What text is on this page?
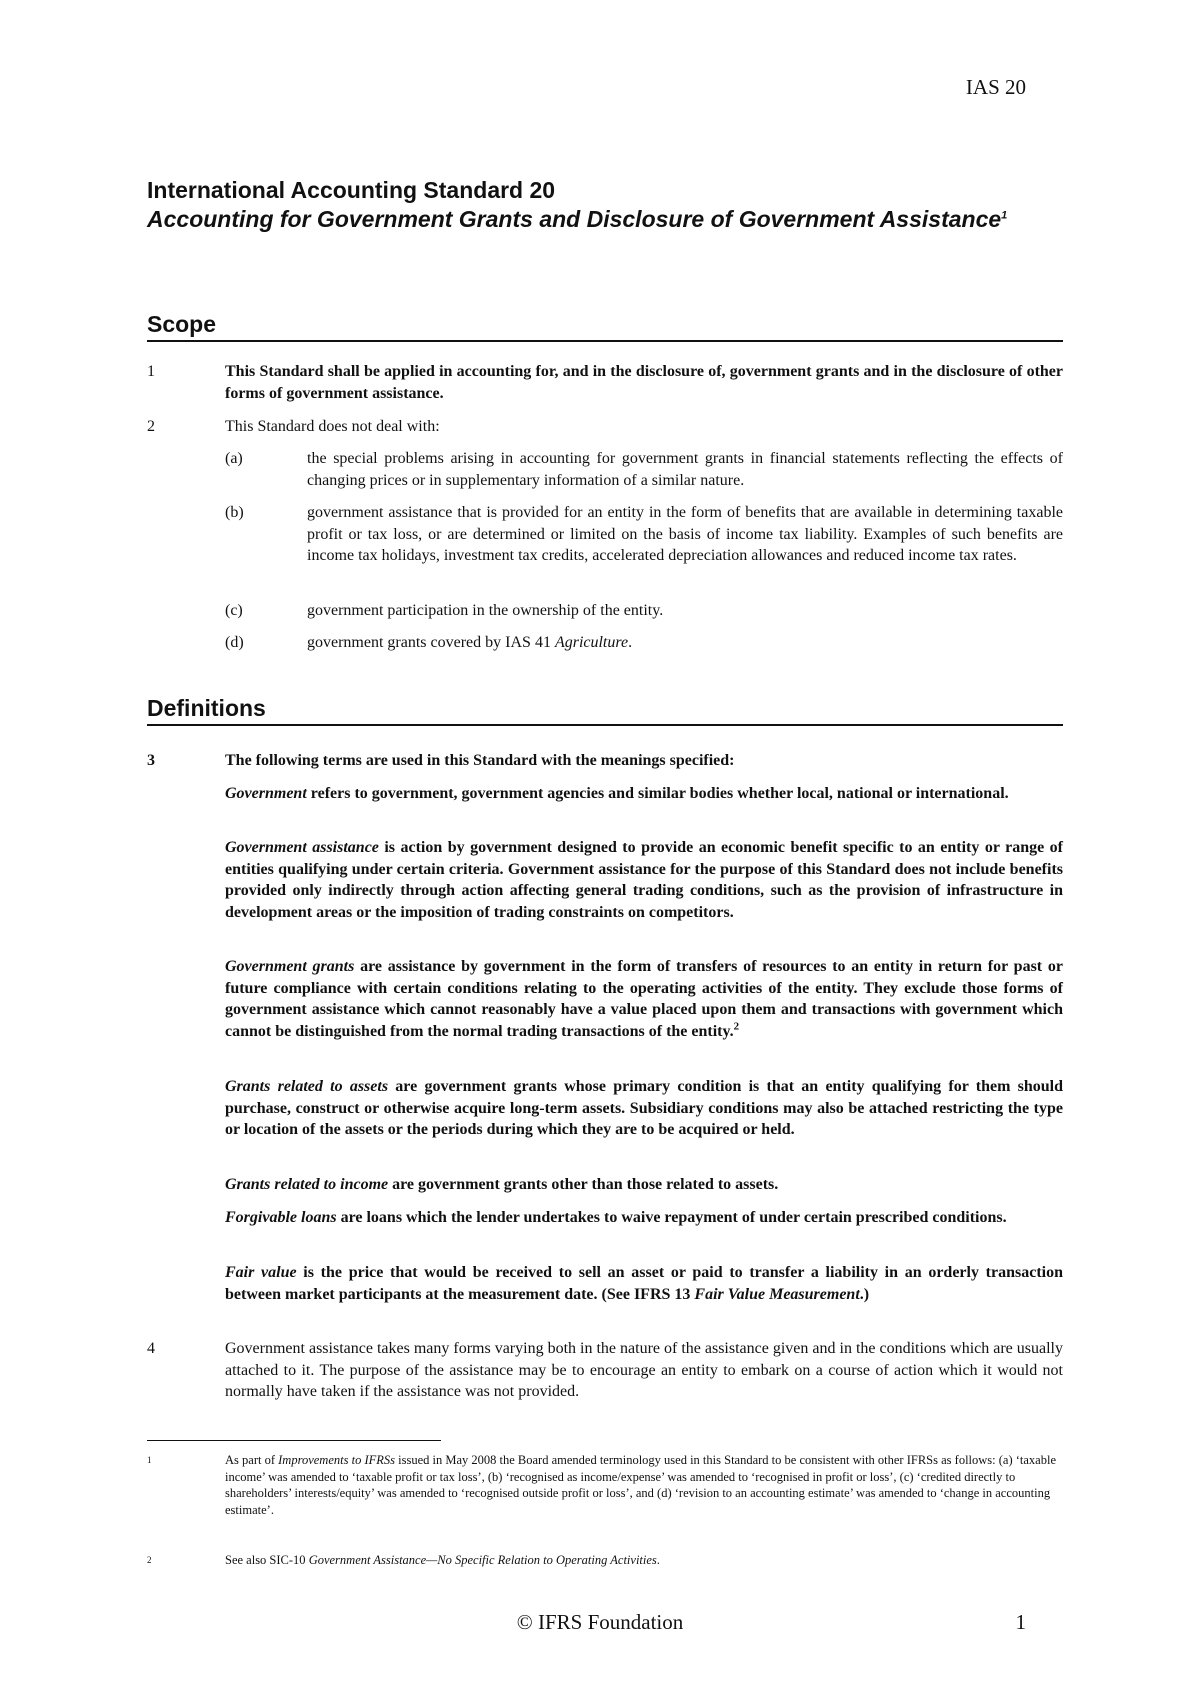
IAS 20
International Accounting Standard 20
Accounting for Government Grants and Disclosure of Government Assistance$^1$
Scope
1	This Standard shall be applied in accounting for, and in the disclosure of, government grants and in the disclosure of other forms of government assistance.
2	This Standard does not deal with:
(a)	the special problems arising in accounting for government grants in financial statements reflecting the effects of changing prices or in supplementary information of a similar nature.
(b)	government assistance that is provided for an entity in the form of benefits that are available in determining taxable profit or tax loss, or are determined or limited on the basis of income tax liability. Examples of such benefits are income tax holidays, investment tax credits, accelerated depreciation allowances and reduced income tax rates.
(c)	government participation in the ownership of the entity.
(d)	government grants covered by IAS 41 Agriculture.
Definitions
3	The following terms are used in this Standard with the meanings specified:
Government refers to government, government agencies and similar bodies whether local, national or international.
Government assistance is action by government designed to provide an economic benefit specific to an entity or range of entities qualifying under certain criteria. Government assistance for the purpose of this Standard does not include benefits provided only indirectly through action affecting general trading conditions, such as the provision of infrastructure in development areas or the imposition of trading constraints on competitors.
Government grants are assistance by government in the form of transfers of resources to an entity in return for past or future compliance with certain conditions relating to the operating activities of the entity. They exclude those forms of government assistance which cannot reasonably have a value placed upon them and transactions with government which cannot be distinguished from the normal trading transactions of the entity.$^2$
Grants related to assets are government grants whose primary condition is that an entity qualifying for them should purchase, construct or otherwise acquire long-term assets. Subsidiary conditions may also be attached restricting the type or location of the assets or the periods during which they are to be acquired or held.
Grants related to income are government grants other than those related to assets.
Forgivable loans are loans which the lender undertakes to waive repayment of under certain prescribed conditions.
Fair value is the price that would be received to sell an asset or paid to transfer a liability in an orderly transaction between market participants at the measurement date. (See IFRS 13 Fair Value Measurement.)
4	Government assistance takes many forms varying both in the nature of the assistance given and in the conditions which are usually attached to it. The purpose of the assistance may be to encourage an entity to embark on a course of action which it would not normally have taken if the assistance was not provided.
1	As part of Improvements to IFRSs issued in May 2008 the Board amended terminology used in this Standard to be consistent with other IFRSs as follows: (a) ‘taxable income’ was amended to ‘taxable profit or tax loss’, (b) ‘recognised as income/expense’ was amended to ‘recognised in profit or loss’, (c) ‘credited directly to shareholders’ interests/equity’ was amended to ‘recognised outside profit or loss’, and (d) ‘revision to an accounting estimate’ was amended to ‘change in accounting estimate’.
2	See also SIC-10 Government Assistance—No Specific Relation to Operating Activities.
© IFRS Foundation	1
